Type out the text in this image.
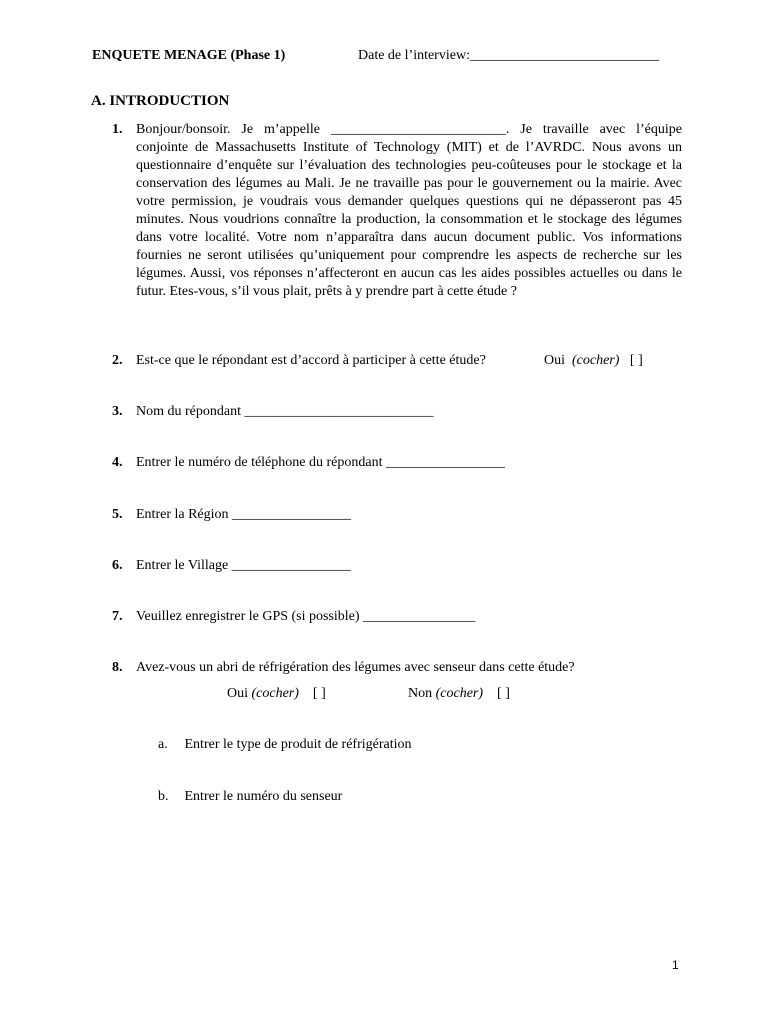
ENQUETE MENAGE (Phase 1)	Date de l’interview:___________________________
A. INTRODUCTION
1. Bonjour/bonsoir. Je m’appelle _________________________. Je travaille avec l’équipe conjointe de Massachusetts Institute of Technology (MIT) et de l’AVRDC. Nous avons un questionnaire d’enquête sur l’évaluation des technologies peu-coûteuses pour le stockage et la conservation des légumes au Mali. Je ne travaille pas pour le gouvernement ou la mairie. Avec votre permission, je voudrais vous demander quelques questions qui ne dépasseront pas 45 minutes. Nous voudrions connaître la production, la consommation et le stockage des légumes dans votre localité. Votre nom n’apparaîtra dans aucun document public. Vos informations fournies ne seront utilisées qu’uniquement pour comprendre les aspects de recherche sur les légumes. Aussi, vos réponses n’affecteront en aucun cas les aides possibles actuelles ou dans le futur. Etes-vous, s’il vous plait, prêts à y prendre part à cette étude ?
2. Est-ce que le répondant est d’accord à participer à cette étude?	Oui (cocher) [ ]
3. Nom du répondant ___________________________
4. Entrer le numéro de téléphone du répondant _________________
5. Entrer la Région _________________
6. Entrer le Village _________________
7. Veuillez enregistrer le GPS (si possible) ________________
8. Avez-vous un abri de réfrigération des légumes avec senseur dans cette étude?
Oui (cocher) [ ]	Non (cocher) [ ]
a. Entrer le type de produit de réfrigération
b. Entrer le numéro du senseur
1
